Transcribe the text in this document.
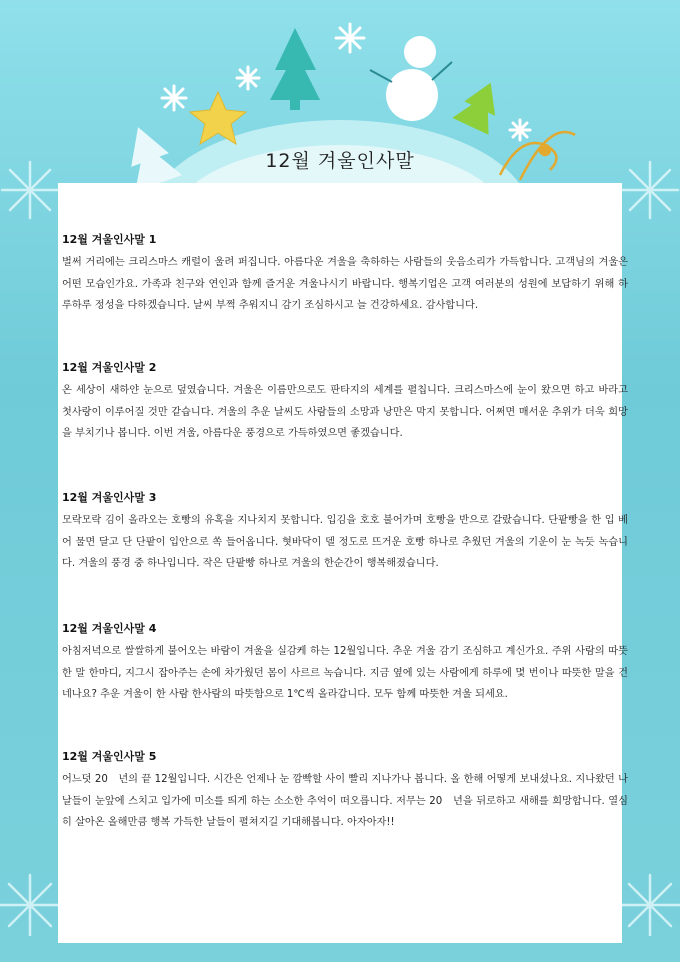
12월 겨울인사말

12월 겨울인사말 1

벌써 거리에는 크리스마스 캐럴이 울려 퍼집니다. 아름다운 겨울을 축하하는 사람들의 웃음소리가 가득합니다. 고객님의 겨울은 어떤 모습인가요. 가족과 친구와 연인과 함께 즐거운 겨울나시기 바랍니다. 행복기업은 고객 여러분의 성원에 보답하기 위해 하루하루 정성을 다하겠습니다. 날씨 부쩍 추워지니 감기 조심하시고 늘 건강하세요. 감사합니다.

12월 겨울인사말 2

온 세상이 새하얀 눈으로 덮였습니다. 겨울은 이름만으로도 판타지의 세계를 펼칩니다. 크리스마스에 눈이 왔으면 하고 바라고 첫사랑이 이루어질 것만 같습니다. 겨울의 추운 날씨도 사람들의 소망과 낭만은 막지 못합니다. 어쩌면 매서운 추위가 더욱 희망을 부치기나 봅니다. 이번 겨울, 아름다운 풍경으로 가득하였으면 좋겠습니다.

12월 겨울인사말 3

모락모락 김이 올라오는 호빵의 유혹을 지나치지 못합니다. 입김을 호호 불어가며 호빵을 반으로 갈랐습니다. 단팥빵을 한 입 베어 물면 달고 단 단팥이 입안으로 쏙 들어옵니다. 혓바닥이 델 정도로 뜨거운 호빵 하나로 추웠던 겨울의 기운이 눈 녹듯 녹습니다. 겨울의 풍경 중 하나입니다. 작은 단팥빵 하나로 겨울의 한순간이 행복해졌습니다.

12월 겨울인사말 4

아침저녁으로 쌀쌀하게 불어오는 바람이 겨울을 실감케 하는 12월입니다. 추운 겨울 감기 조심하고 계신가요. 주위 사람의 따뜻한 말 한마디, 지그시 잡아주는 손에 차가웠던 몸이 사르르 녹습니다. 지금 옆에 있는 사람에게 하루에 몇 번이나 따뜻한 말을 건네나요? 추운 겨울이 한 사람 한사람의 따뜻함으로 1℃씩 올라갑니다. 모두 함께 따뜻한 겨울 되세요.

12월 겨울인사말 5

어느덧 20　년의 끝 12월입니다. 시간은 언제나 눈 깜빡할 사이 빨리 지나가나 봅니다. 올 한해 어떻게 보내셨나요. 지나왔던 나날들이 눈앞에 스치고 입가에 미소를 띄게 하는 소소한 추억이 떠오릅니다. 저무는 20　년을 뒤로하고 새해를 희망합니다. 열심히 살아온 올해만큼 행복 가득한 날들이 펼쳐지길 기대해봅니다. 아자아자!!
